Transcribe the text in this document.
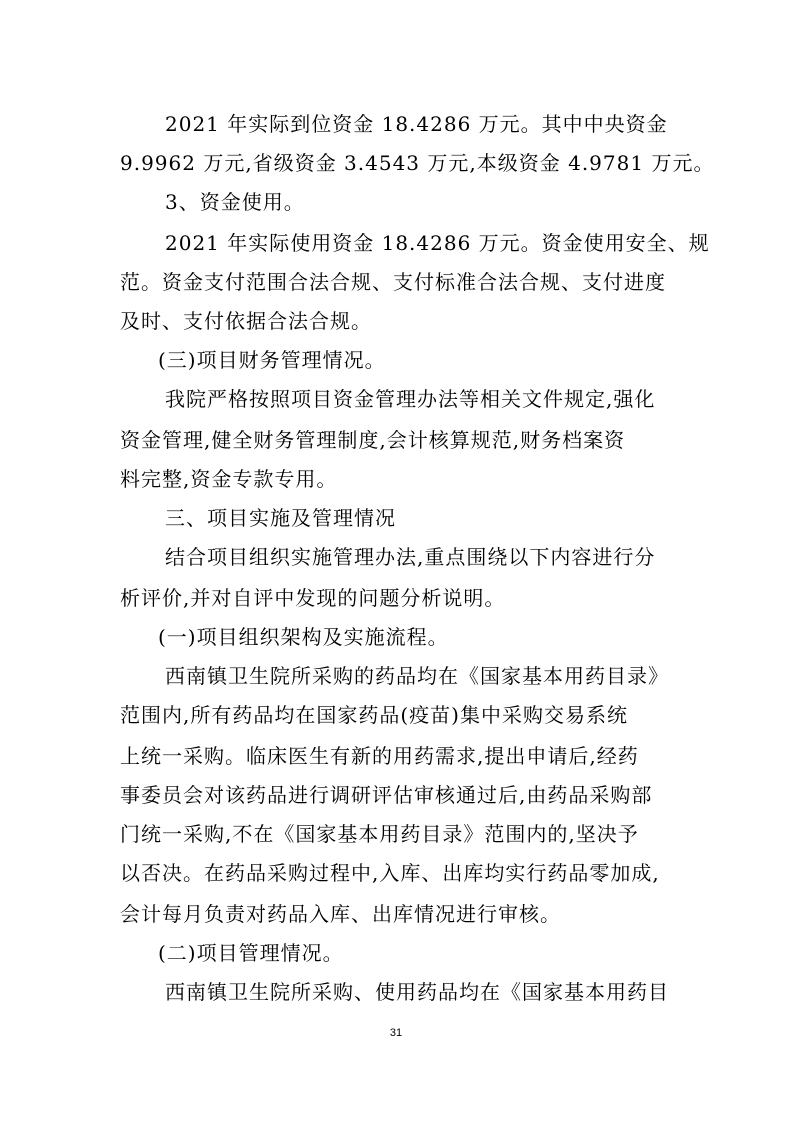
2021 年实际到位资金 18.4286 万元。其中中央资金
9.9962 万元,省级资金 3.4543 万元,本级资金 4.9781 万元。
3、资金使用。
2021 年实际使用资金 18.4286 万元。资金使用安全、规
范。资金支付范围合法合规、支付标准合法合规、支付进度
及时、支付依据合法合规。
(三)项目财务管理情况。
我院严格按照项目资金管理办法等相关文件规定,强化
资金管理,健全财务管理制度,会计核算规范,财务档案资
料完整,资金专款专用。
三、项目实施及管理情况
结合项目组织实施管理办法,重点围绕以下内容进行分
析评价,并对自评中发现的问题分析说明。
(一)项目组织架构及实施流程。
西南镇卫生院所采购的药品均在《国家基本用药目录》
范围内,所有药品均在国家药品(疫苗)集中采购交易系统
上统一采购。临床医生有新的用药需求,提出申请后,经药
事委员会对该药品进行调研评估审核通过后,由药品采购部
门统一采购,不在《国家基本用药目录》范围内的,坚决予
以否决。在药品采购过程中,入库、出库均实行药品零加成,
会计每月负责对药品入库、出库情况进行审核。
(二)项目管理情况。
西南镇卫生院所采购、使用药品均在《国家基本用药目
31
